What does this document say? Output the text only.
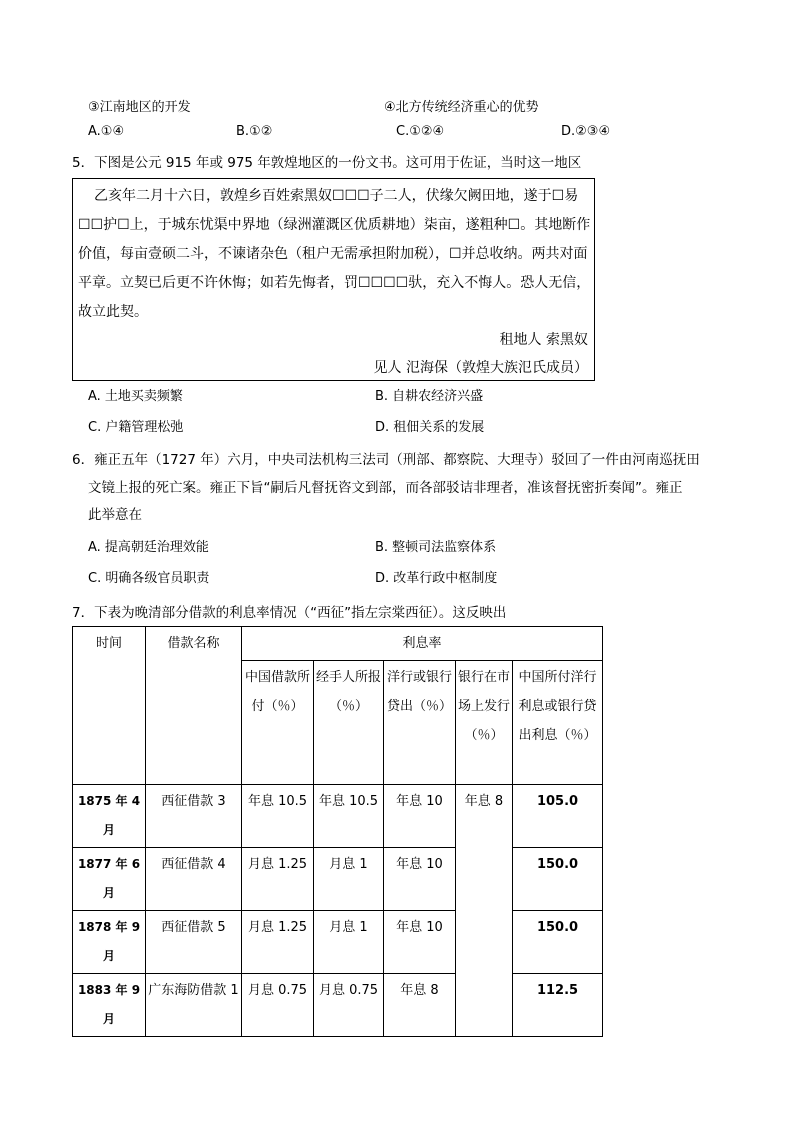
③江南地区的开发	④北方传统经济重心的优势
A.①④	B.①②	C.①②④	D.②③④
5．下图是公元 915 年或 975 年敦煌地区的一份文书。这可用于佐证，当时这一地区
乙亥年二月十六日，敦煌乡百姓索黑奴☐☐☐子二人，伏缘欠阙田地，遂于☐易
☐☐护☐上，于城东忧渠中界地（绿洲灌溉区优质耕地）柒亩，遂粗种☐。其地断作
价值，每亩壹硕二斗，不谏诸杂色（租户无需承担附加税），☐并总收纳。两共对面
平章。立契已后更不许休悔；如若先悔者，罚☐☐☐☐驮，充入不悔人。恐人无信，
故立此契。
租地人 索黑奴
见人 氾海保（敦煌大族氾氏成员）
A. 土地买卖频繁	B. 自耕农经济兴盛
C. 户籍管理松弛	D. 租佃关系的发展
6．雍正五年（1727 年）六月，中央司法机构三法司（刑部、都察院、大理寺）驳回了一件由河南巡抚田
文镜上报的死亡案。雍正下旨“嗣后凡督抚咨文到部，而各部驳诘非理者，准该督抚密折奏闻”。雍正
此举意在
A. 提高朝廷治理效能	B. 整顿司法监察体系
C. 明确各级官员职责	D. 改革行政中枢制度
7．下表为晚清部分借款的利息率情况（“西征”指左宗棠西征）。这反映出
时间	借款名称	利息率				
		中国借款所付（％）	经手人所报（％）	洋行或银行贷出（％）	银行在市场上发行（％）	中国所付洋行利息或银行贷出利息（％）
1875 年 4 月	西征借款 3	年息 10.5	年息 10.5	年息 10	年息 8	105.0
1877 年 6 月	西征借款 4	月息 1.25	月息 1	年息 10		150.0
1878 年 9 月	西征借款 5	月息 1.25	月息 1	年息 10		150.0
1883 年 9 月	广东海防借款 1	月息 0.75	月息 0.75	年息 8		112.5
